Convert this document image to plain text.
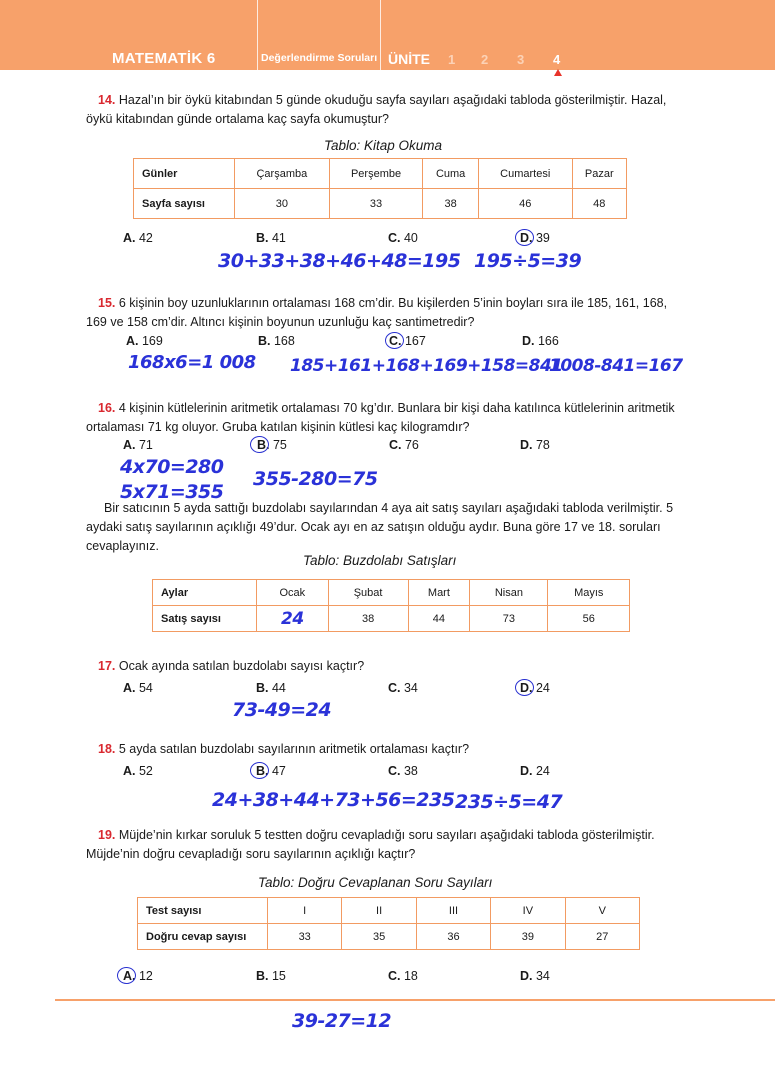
MATEMATİK 6	Değerlendirme Soruları ÜNİTE 1 2 3 4
14. Hazal’ın bir öykü kitabından 5 günde okuduğu sayfa sayıları aşağıdaki tabloda gösterilmiştir. Hazal, öykü kitabından günde ortalama kaç sayfa okumuştur?
Tablo: Kitap Okuma
Günler	Çarşamba	Perşembe	Cuma	Cumartesi	Pazar
Sayfa sayısı	30	33	38	46	48
A. 42	B. 41	C. 40	D. 39
30+33+38+46+48=195 195÷5=39
15. 6 kişinin boy uzunluklarının ortalaması 168 cm’dir. Bu kişilerden 5’inin boyları sıra ile 185, 161, 168, 169 ve 158 cm’dir. Altıncı kişinin boyunun uzunluğu kaç santimetredir?
A. 169	B. 168	C. 167	D. 166
168x6=1 008 185+161+168+169+158=841
1008-841=167
16. 4 kişinin kütlelerinin aritmetik ortalaması 70 kg’dır. Bunlara bir kişi daha katılınca kütlelerinin aritmetik ortalaması 71 kg oluyor. Gruba katılan kişinin kütlesi kaç kilogramdır?
A. 71	B. 75	C. 76	D. 78
4x70=280
5x71=355
355-280=75
Bir satıcının 5 ayda sattığı buzdolabı sayılarından 4 aya ait satış sayıları aşağıdaki tabloda verilmiştir. 5 aydaki satış sayılarının açıklığı 49’dur. Ocak ayı en az satışın olduğu aydır. Buna göre 17 ve 18. soruları cevaplayınız.
Tablo: Buzdolabı Satışları
Aylar	Ocak	Şubat	Mart	Nisan	Mayıs
Satış sayısı	24	38	44	73	56
17. Ocak ayında satılan buzdolabı sayısı kaçtır?
A. 54	B. 44	C. 34	D. 24
73-49=24
18. 5 ayda satılan buzdolabı sayılarının aritmetik ortalaması kaçtır?
A. 52	B. 47	C. 38	D. 24
24+38+44+73+56=235 235÷5=47
19. Müjde’nin kırkar soruluk 5 testten doğru cevapladığı soru sayıları aşağıdaki tabloda gösterilmiştir. Müjde’nin doğru cevapladığı soru sayılarının açıklığı kaçtır?
Tablo: Doğru Cevaplanan Soru Sayıları
Test sayısı	I	II	III	IV	V
Doğru cevap sayısı	33	35	36	39	27
A. 12	B. 15	C. 18	D. 34
39-27=12
